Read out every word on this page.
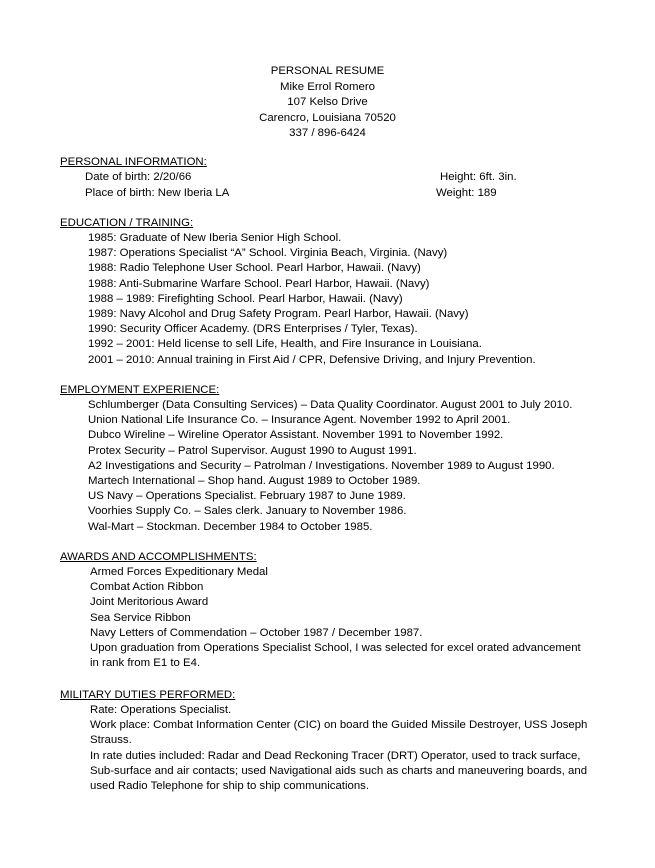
PERSONAL RESUME
Mike Errol Romero
107 Kelso Drive
Carencro, Louisiana 70520
337 / 896-6424
PERSONAL INFORMATION:
Date of birth: 2/20/66	Height: 6ft. 3in.
Place of birth: New Iberia LA	Weight: 189
EDUCATION / TRAINING:
1985: Graduate of New Iberia Senior High School.
1987: Operations Specialist “A” School. Virginia Beach, Virginia. (Navy)
1988: Radio Telephone User School. Pearl Harbor, Hawaii. (Navy)
1988: Anti-Submarine Warfare School. Pearl Harbor, Hawaii. (Navy)
1988 – 1989: Firefighting School. Pearl Harbor, Hawaii. (Navy)
1989: Navy Alcohol and Drug Safety Program. Pearl Harbor, Hawaii. (Navy)
1990: Security Officer Academy. (DRS Enterprises / Tyler, Texas).
1992 – 2001: Held license to sell Life, Health, and Fire Insurance in Louisiana.
2001 – 2010: Annual training in First Aid / CPR, Defensive Driving, and Injury Prevention.
EMPLOYMENT EXPERIENCE:
Schlumberger (Data Consulting Services) – Data Quality Coordinator. August 2001 to July 2010.
Union National Life Insurance Co. – Insurance Agent. November 1992 to April 2001.
Dubco Wireline – Wireline Operator Assistant. November 1991 to November 1992.
Protex Security – Patrol Supervisor. August 1990 to August 1991.
A2 Investigations and Security – Patrolman / Investigations. November 1989 to August 1990.
Martech International – Shop hand. August 1989 to October 1989.
US Navy – Operations Specialist. February 1987 to June 1989.
Voorhies Supply Co. – Sales clerk. January to November 1986.
Wal-Mart – Stockman. December 1984 to October 1985.
AWARDS AND ACCOMPLISHMENTS:
Armed Forces Expeditionary Medal
Combat Action Ribbon
Joint Meritorious Award
Sea Service Ribbon
Navy Letters of Commendation – October 1987 / December 1987.
Upon graduation from Operations Specialist School, I was selected for excel orated advancement in rank from E1 to E4.
MILITARY DUTIES PERFORMED:
Rate: Operations Specialist.
Work place: Combat Information Center (CIC) on board the Guided Missile Destroyer, USS Joseph Strauss.
In rate duties included: Radar and Dead Reckoning Tracer (DRT) Operator, used to track surface, Sub-surface and air contacts; used Navigational aids such as charts and maneuvering boards, and used Radio Telephone for ship to ship communications.
